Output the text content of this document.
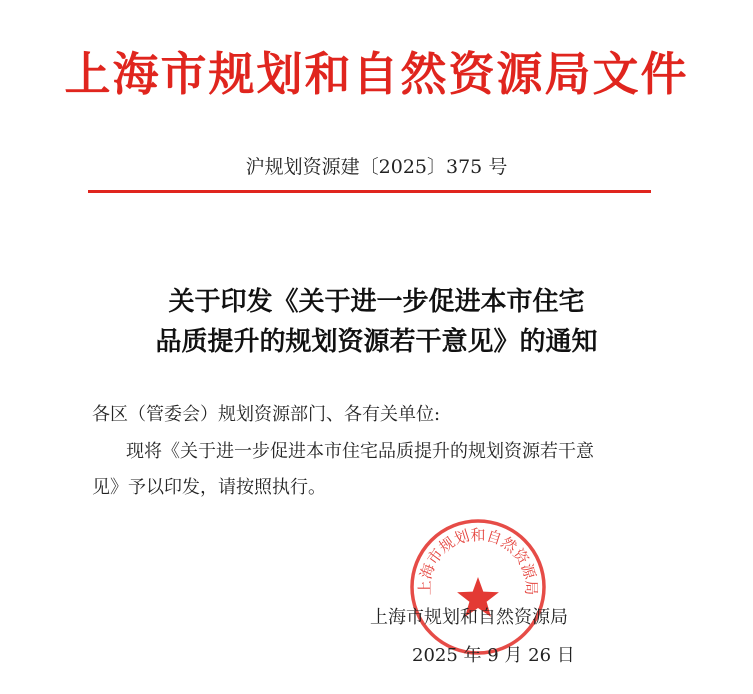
上海市规划和自然资源局文件
沪规划资源建〔2025〕375 号
关于印发《关于进一步促进本市住宅
品质提升的规划资源若干意见》的通知
各区（管委会）规划资源部门、各有关单位:
现将《关于进一步促进本市住宅品质提升的规划资源若干意
见》予以印发，请按照执行。
上海市规划和自然资源局
上海市规划和自然资源局
2025 年 9 月 26 日
